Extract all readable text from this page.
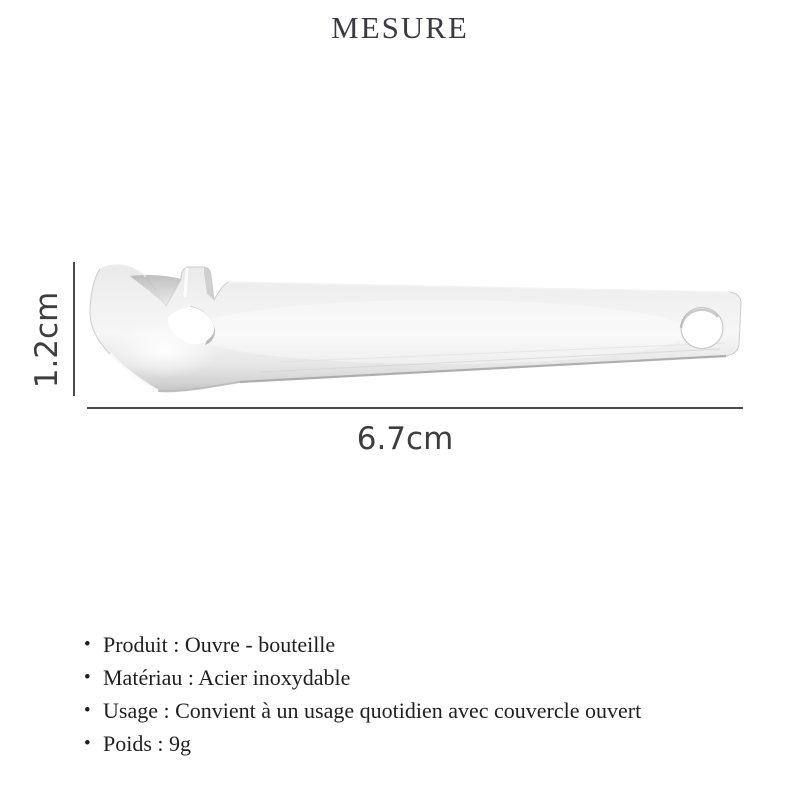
MESURE
1.2cm
6.7cm
• Produit : Ouvre - bouteille
• Matériau : Acier inoxydable
• Usage : Convient à un usage quotidien avec couvercle ouvert
• Poids : 9g
